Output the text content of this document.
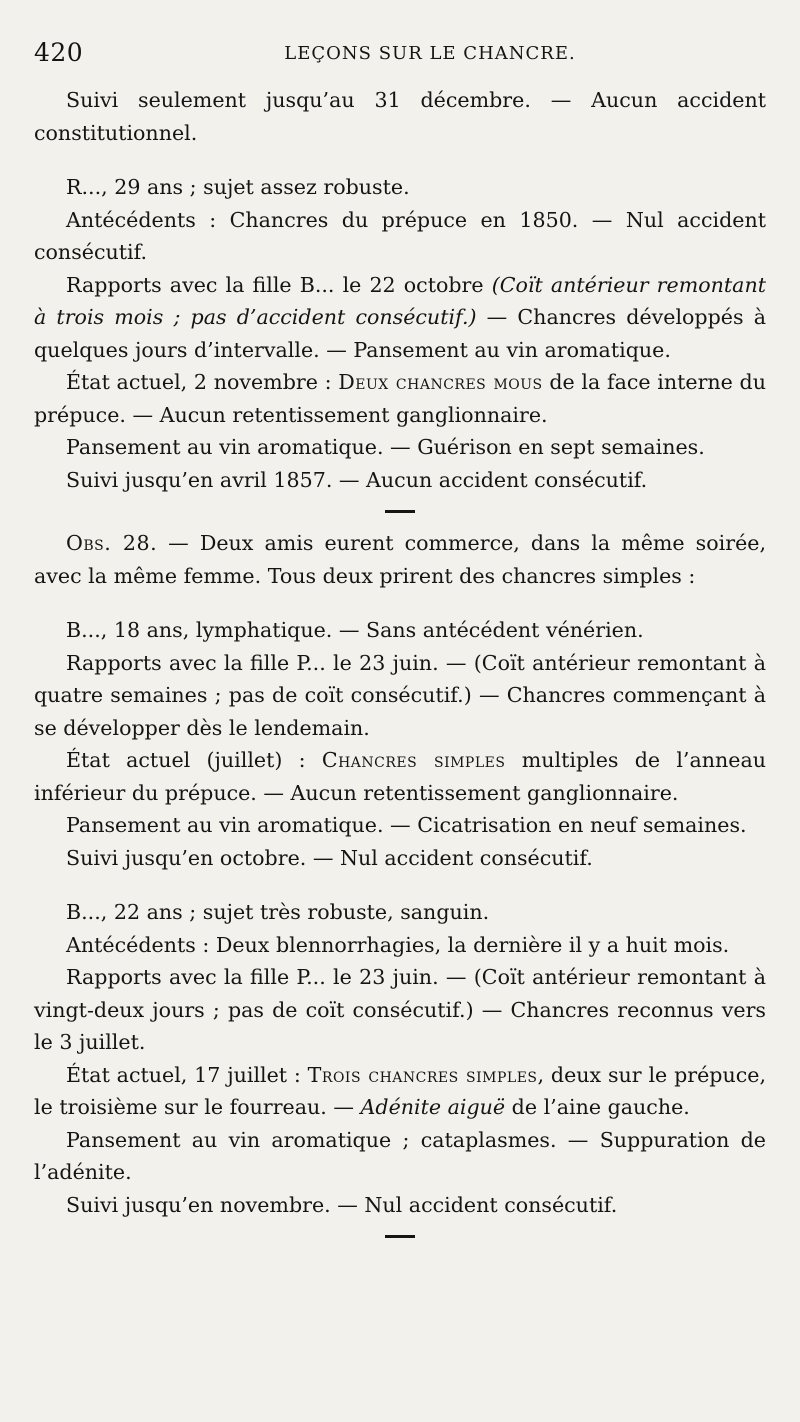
420	LEÇONS SUR LE CHANCRE.

Suivi seulement jusqu’au 31 décembre. — Aucun accident constitutionnel.

R..., 29 ans ; sujet assez robuste.

Antécédents : Chancres du prépuce en 1850. — Nul accident consécutif.

Rapports avec la fille B... le 22 octobre (Coït antérieur remontant à trois mois ; pas d’accident consécutif.) — Chancres développés à quelques jours d’intervalle. — Pansement au vin aromatique.

État actuel, 2 novembre : Deux chancres mous de la face interne du prépuce. — Aucun retentissement ganglionnaire.

Pansement au vin aromatique. — Guérison en sept semaines.

Suivi jusqu’en avril 1857. — Aucun accident consécutif.

Obs. 28. — Deux amis eurent commerce, dans la même soirée, avec la même femme. Tous deux prirent des chancres simples :

B..., 18 ans, lymphatique. — Sans antécédent vénérien.

Rapports avec la fille P... le 23 juin. — (Coït antérieur remontant à quatre semaines ; pas de coït consécutif.) — Chancres commençant à se développer dès le lendemain.

État actuel (juillet) : Chancres simples multiples de l’anneau inférieur du prépuce. — Aucun retentissement ganglionnaire.

Pansement au vin aromatique. — Cicatrisation en neuf semaines.

Suivi jusqu’en octobre. — Nul accident consécutif.

B..., 22 ans ; sujet très robuste, sanguin.

Antécédents : Deux blennorrhagies, la dernière il y a huit mois.

Rapports avec la fille P... le 23 juin. — (Coït antérieur remontant à vingt-deux jours ; pas de coït consécutif.) — Chancres reconnus vers le 3 juillet.

État actuel, 17 juillet : Trois chancres simples, deux sur le prépuce, le troisième sur le fourreau. — Adénite aiguë de l’aine gauche.

Pansement au vin aromatique ; cataplasmes. — Suppuration de l’adénite.

Suivi jusqu’en novembre. — Nul accident consécutif.
